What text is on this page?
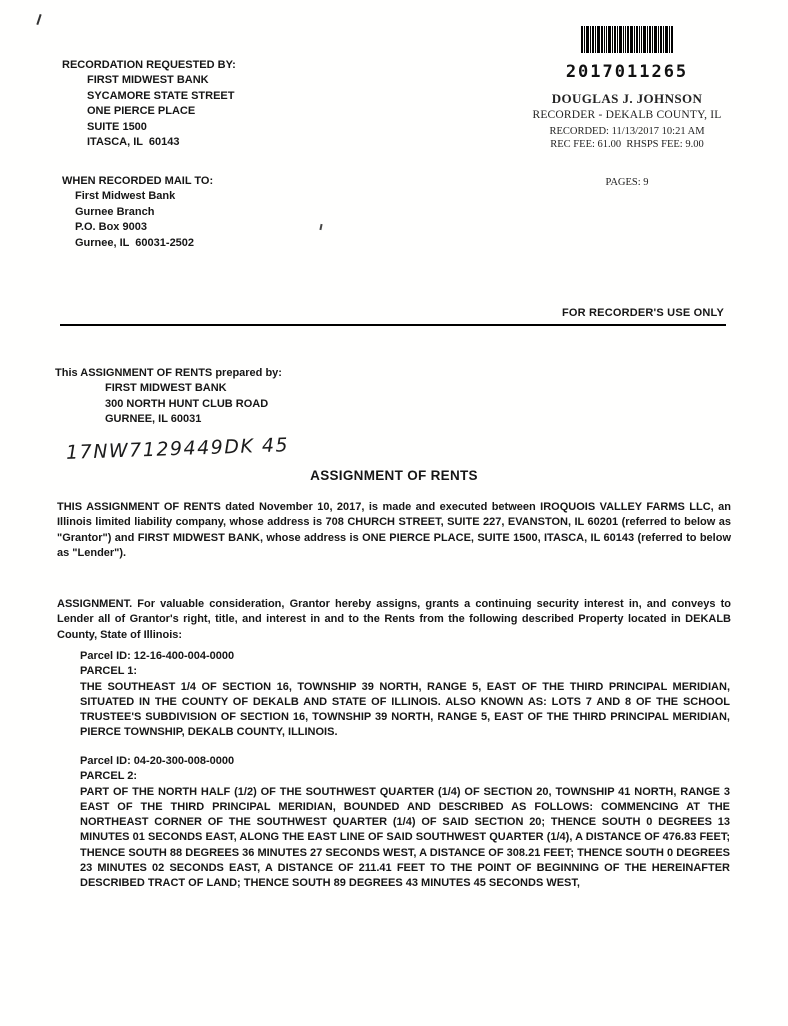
RECORDATION REQUESTED BY:
FIRST MIDWEST BANK
SYCAMORE STATE STREET
ONE PIERCE PLACE
SUITE 1500
ITASCA, IL  60143
WHEN RECORDED MAIL TO:
First Midwest Bank
Gurnee Branch
P.O. Box 9003
Gurnee, IL  60031-2502
2017011265
DOUGLAS J. JOHNSON
RECORDER - DEKALB COUNTY, IL
RECORDED: 11/13/2017 10:21 AM
REC FEE: 61.00  RHSPS FEE: 9.00
PAGES: 9
FOR RECORDER'S USE ONLY
This ASSIGNMENT OF RENTS prepared by:
FIRST MIDWEST BANK
300 NORTH HUNT CLUB ROAD
GURNEE, IL 60031
17NW7129449DK 45
ASSIGNMENT OF RENTS
THIS ASSIGNMENT OF RENTS dated November 10, 2017, is made and executed between IROQUOIS VALLEY FARMS LLC, an Illinois limited liability company, whose address is 708 CHURCH STREET, SUITE 227, EVANSTON, IL 60201 (referred to below as "Grantor") and FIRST MIDWEST BANK, whose address is ONE PIERCE PLACE, SUITE 1500, ITASCA, IL 60143 (referred to below as "Lender").
ASSIGNMENT. For valuable consideration, Grantor hereby assigns, grants a continuing security interest in, and conveys to Lender all of Grantor's right, title, and interest in and to the Rents from the following described Property located in DEKALB County, State of Illinois:
Parcel ID: 12-16-400-004-0000
PARCEL 1:
THE SOUTHEAST 1/4 OF SECTION 16, TOWNSHIP 39 NORTH, RANGE 5, EAST OF THE THIRD PRINCIPAL MERIDIAN, SITUATED IN THE COUNTY OF DEKALB AND STATE OF ILLINOIS. ALSO KNOWN AS: LOTS 7 AND 8 OF THE SCHOOL TRUSTEE'S SUBDIVISION OF SECTION 16, TOWNSHIP 39 NORTH, RANGE 5, EAST OF THE THIRD PRINCIPAL MERIDIAN, PIERCE TOWNSHIP, DEKALB COUNTY, ILLINOIS.
Parcel ID: 04-20-300-008-0000
PARCEL 2:
PART OF THE NORTH HALF (1/2) OF THE SOUTHWEST QUARTER (1/4) OF SECTION 20, TOWNSHIP 41 NORTH, RANGE 3 EAST OF THE THIRD PRINCIPAL MERIDIAN, BOUNDED AND DESCRIBED AS FOLLOWS: COMMENCING AT THE NORTHEAST CORNER OF THE SOUTHWEST QUARTER (1/4) OF SAID SECTION 20; THENCE SOUTH 0 DEGREES 13 MINUTES 01 SECONDS EAST, ALONG THE EAST LINE OF SAID SOUTHWEST QUARTER (1/4), A DISTANCE OF 476.83 FEET; THENCE SOUTH 88 DEGREES 36 MINUTES 27 SECONDS WEST, A DISTANCE OF 308.21 FEET; THENCE SOUTH 0 DEGREES 23 MINUTES 02 SECONDS EAST, A DISTANCE OF 211.41 FEET TO THE POINT OF BEGINNING OF THE HEREINAFTER DESCRIBED TRACT OF LAND; THENCE SOUTH 89 DEGREES 43 MINUTES 45 SECONDS WEST,
